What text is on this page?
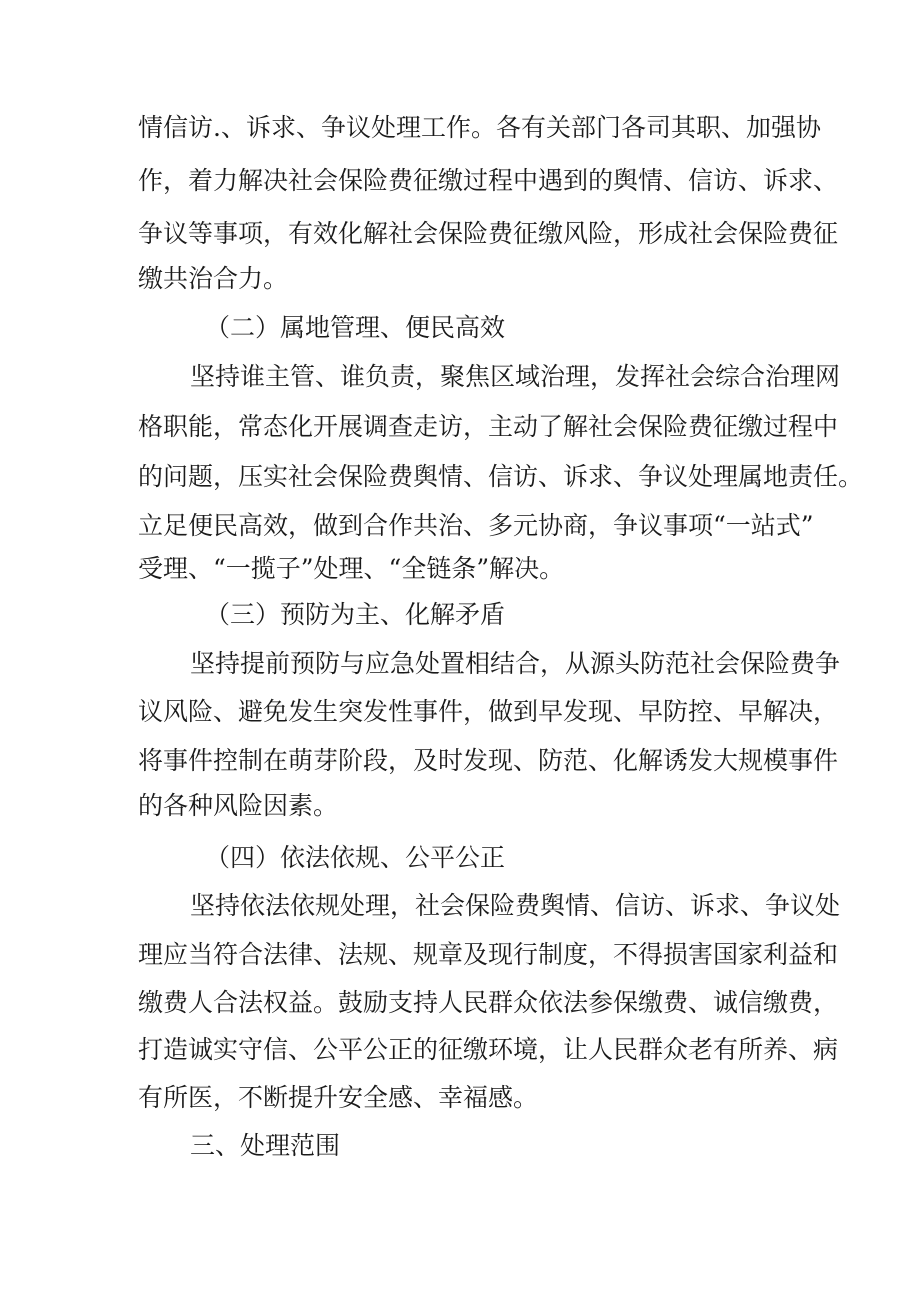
情信访.、诉求、争议处理工作。各有关部门各司其职、加强协
作，着力解决社会保险费征缴过程中遇到的舆情、信访、诉求、
争议等事项，有效化解社会保险费征缴风险，形成社会保险费征
缴共治合力。
（二）属地管理、便民高效
坚持谁主管、谁负责，聚焦区域治理，发挥社会综合治理网
格职能，常态化开展调查走访，主动了解社会保险费征缴过程中
的问题，压实社会保险费舆情、信访、诉求、争议处理属地责任。
立足便民高效，做到合作共治、多元协商，争议事项“一站式”
受理、“一揽子”处理、“全链条”解决。
（三）预防为主、化解矛盾
坚持提前预防与应急处置相结合，从源头防范社会保险费争
议风险、避免发生突发性事件，做到早发现、早防控、早解决，
将事件控制在萌芽阶段，及时发现、防范、化解诱发大规模事件
的各种风险因素。
（四）依法依规、公平公正
坚持依法依规处理，社会保险费舆情、信访、诉求、争议处
理应当符合法律、法规、规章及现行制度，不得损害国家利益和
缴费人合法权益。鼓励支持人民群众依法参保缴费、诚信缴费，
打造诚实守信、公平公正的征缴环境，让人民群众老有所养、病
有所医，不断提升安全感、幸福感。
三、处理范围
